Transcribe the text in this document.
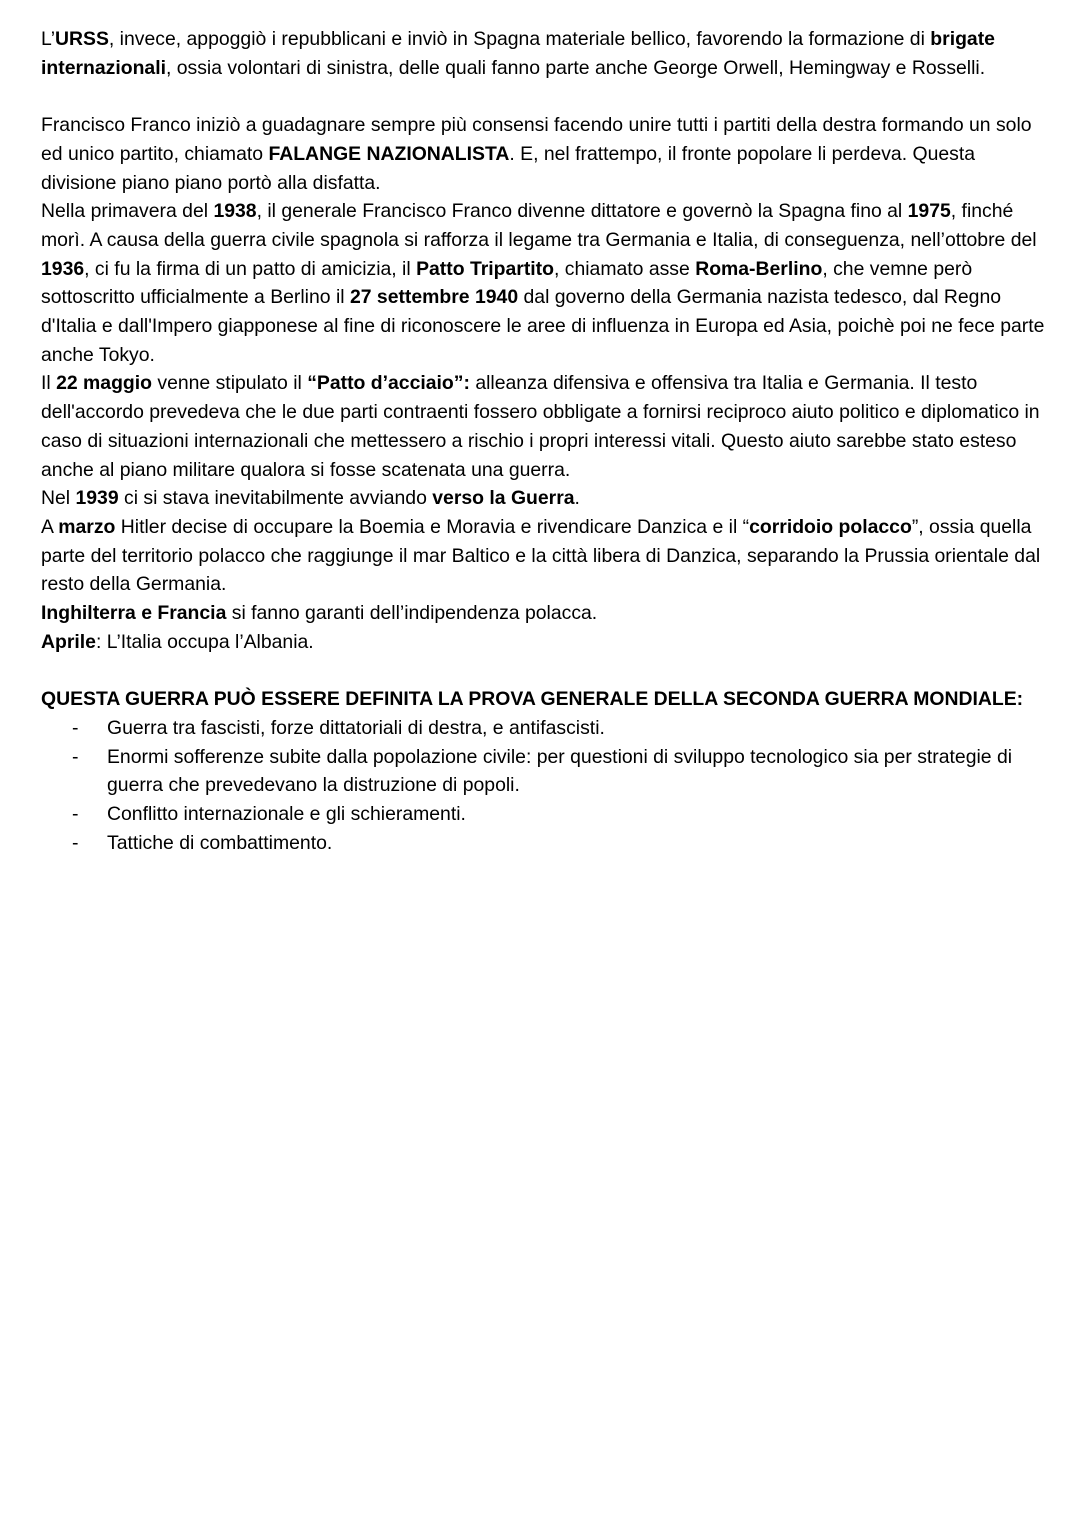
L’URSS, invece, appoggiò i repubblicani e inviò in Spagna materiale bellico, favorendo la formazione di brigate internazionali, ossia volontari di sinistra, delle quali fanno parte anche George Orwell, Hemingway e Rosselli.

Francisco Franco iniziò a guadagnare sempre più consensi facendo unire tutti i partiti della destra formando un solo ed unico partito, chiamato FALANGE NAZIONALISTA. E, nel frattempo, il fronte popolare li perdeva. Questa divisione piano piano portò alla disfatta.

Nella primavera del 1938, il generale Francisco Franco divenne dittatore e governò la Spagna fino al 1975, finché morì. A causa della guerra civile spagnola si rafforza il legame tra Germania e Italia, di conseguenza, nell’ottobre del 1936, ci fu la firma di un patto di amicizia, il Patto Tripartito, chiamato asse Roma-Berlino, che vemne però sottoscritto ufficialmente a Berlino il 27 settembre 1940 dal governo della Germania nazista tedesco, dal Regno d'Italia e dall'Impero giapponese al fine di riconoscere le aree di influenza in Europa ed Asia, poichè poi ne fece parte anche Tokyo.

Il 22 maggio venne stipulato il “Patto d’acciaio”: alleanza difensiva e offensiva tra Italia e Germania. Il testo dell'accordo prevedeva che le due parti contraenti fossero obbligate a fornirsi reciproco aiuto politico e diplomatico in caso di situazioni internazionali che mettessero a rischio i propri interessi vitali. Questo aiuto sarebbe stato esteso anche al piano militare qualora si fosse scatenata una guerra.

Nel 1939 ci si stava inevitabilmente avviando verso la Guerra.

A marzo Hitler decise di occupare la Boemia e Moravia e rivendicare Danzica e il “corridoio polacco”, ossia quella parte del territorio polacco che raggiunge il mar Baltico e la città libera di Danzica, separando la Prussia orientale dal resto della Germania.

Inghilterra e Francia si fanno garanti dell’indipendenza polacca.

Aprile: L’Italia occupa l’Albania.

QUESTA GUERRA PUÒ ESSERE DEFINITA LA PROVA GENERALE DELLA SECONDA GUERRA MONDIALE:

- Guerra tra fascisti, forze dittatoriali di destra, e antifascisti.
- Enormi sofferenze subite dalla popolazione civile: per questioni di sviluppo tecnologico sia per strategie di guerra che prevedevano la distruzione di popoli.
- Conflitto internazionale e gli schieramenti.
- Tattiche di combattimento.
